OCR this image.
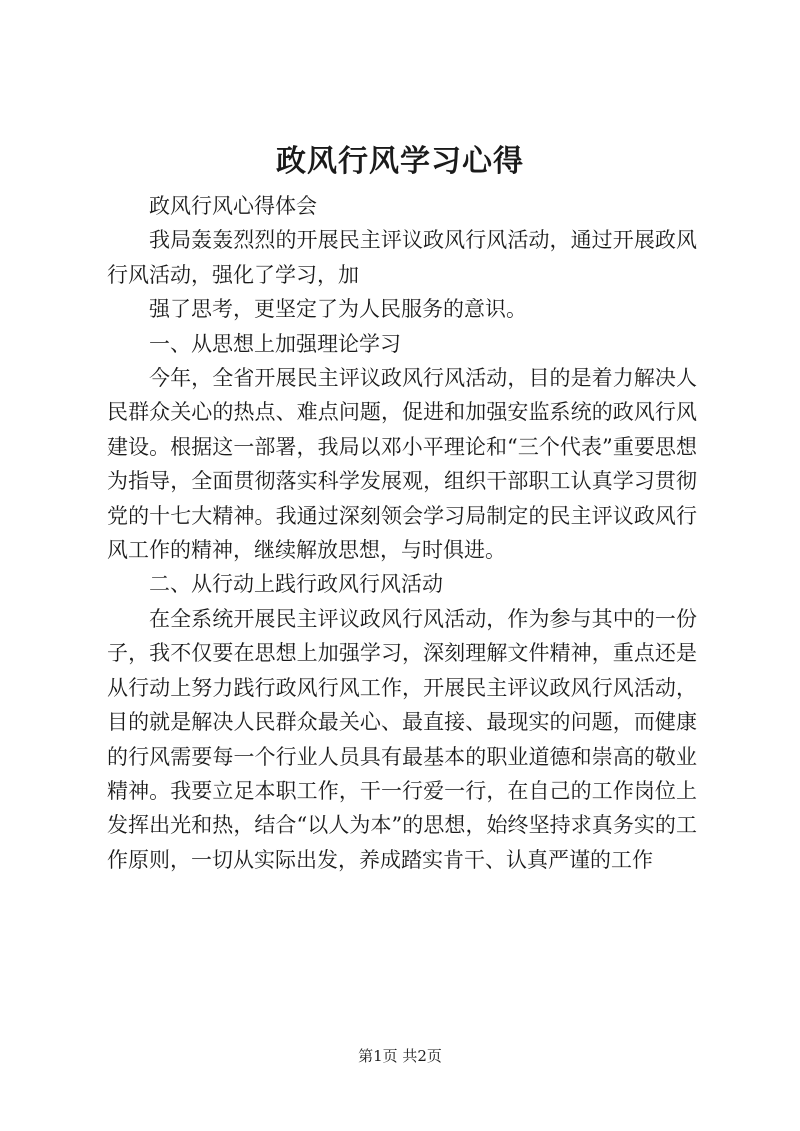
政风行风学习心得

政风行风心得体会

我局轰轰烈烈的开展民主评议政风行风活动，通过开展政风行风活动，强化了学习，加

强了思考，更坚定了为人民服务的意识。

一、从思想上加强理论学习

今年，全省开展民主评议政风行风活动，目的是着力解决人民群众关心的热点、难点问题，促进和加强安监系统的政风行风建设。根据这一部署，我局以邓小平理论和“三个代表”重要思想为指导，全面贯彻落实科学发展观，组织干部职工认真学习贯彻党的十七大精神。我通过深刻领会学习局制定的民主评议政风行风工作的精神，继续解放思想，与时俱进。

二、从行动上践行政风行风活动

在全系统开展民主评议政风行风活动，作为参与其中的一份子，我不仅要在思想上加强学习，深刻理解文件精神，重点还是从行动上努力践行政风行风工作，开展民主评议政风行风活动，目的就是解决人民群众最关心、最直接、最现实的问题，而健康的行风需要每一个行业人员具有最基本的职业道德和崇高的敬业精神。我要立足本职工作，干一行爱一行，在自己的工作岗位上发挥出光和热，结合“以人为本”的思想，始终坚持求真务实的工作原则，一切从实际出发，养成踏实肯干、认真严谨的工作

第1页 共2页
